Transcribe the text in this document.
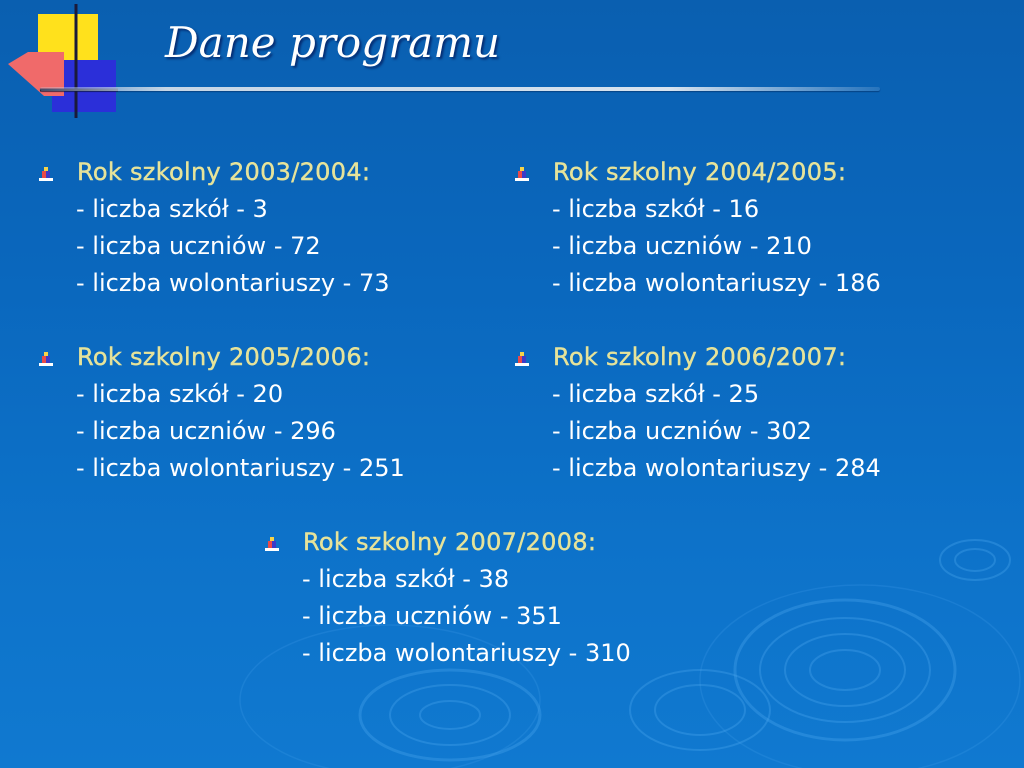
Dane programu
Rok szkolny 2003/2004:
- liczba szkół - 3
- liczba uczniów - 72
- liczba wolontariuszy - 73
Rok szkolny 2004/2005:
- liczba szkół - 16
- liczba uczniów - 210
- liczba wolontariuszy - 186
Rok szkolny 2005/2006:
- liczba szkół - 20
- liczba uczniów - 296
- liczba wolontariuszy - 251
Rok szkolny 2006/2007:
- liczba szkół - 25
- liczba uczniów - 302
- liczba wolontariuszy - 284
Rok szkolny 2007/2008:
- liczba szkół - 38
- liczba uczniów - 351
- liczba wolontariuszy - 310
